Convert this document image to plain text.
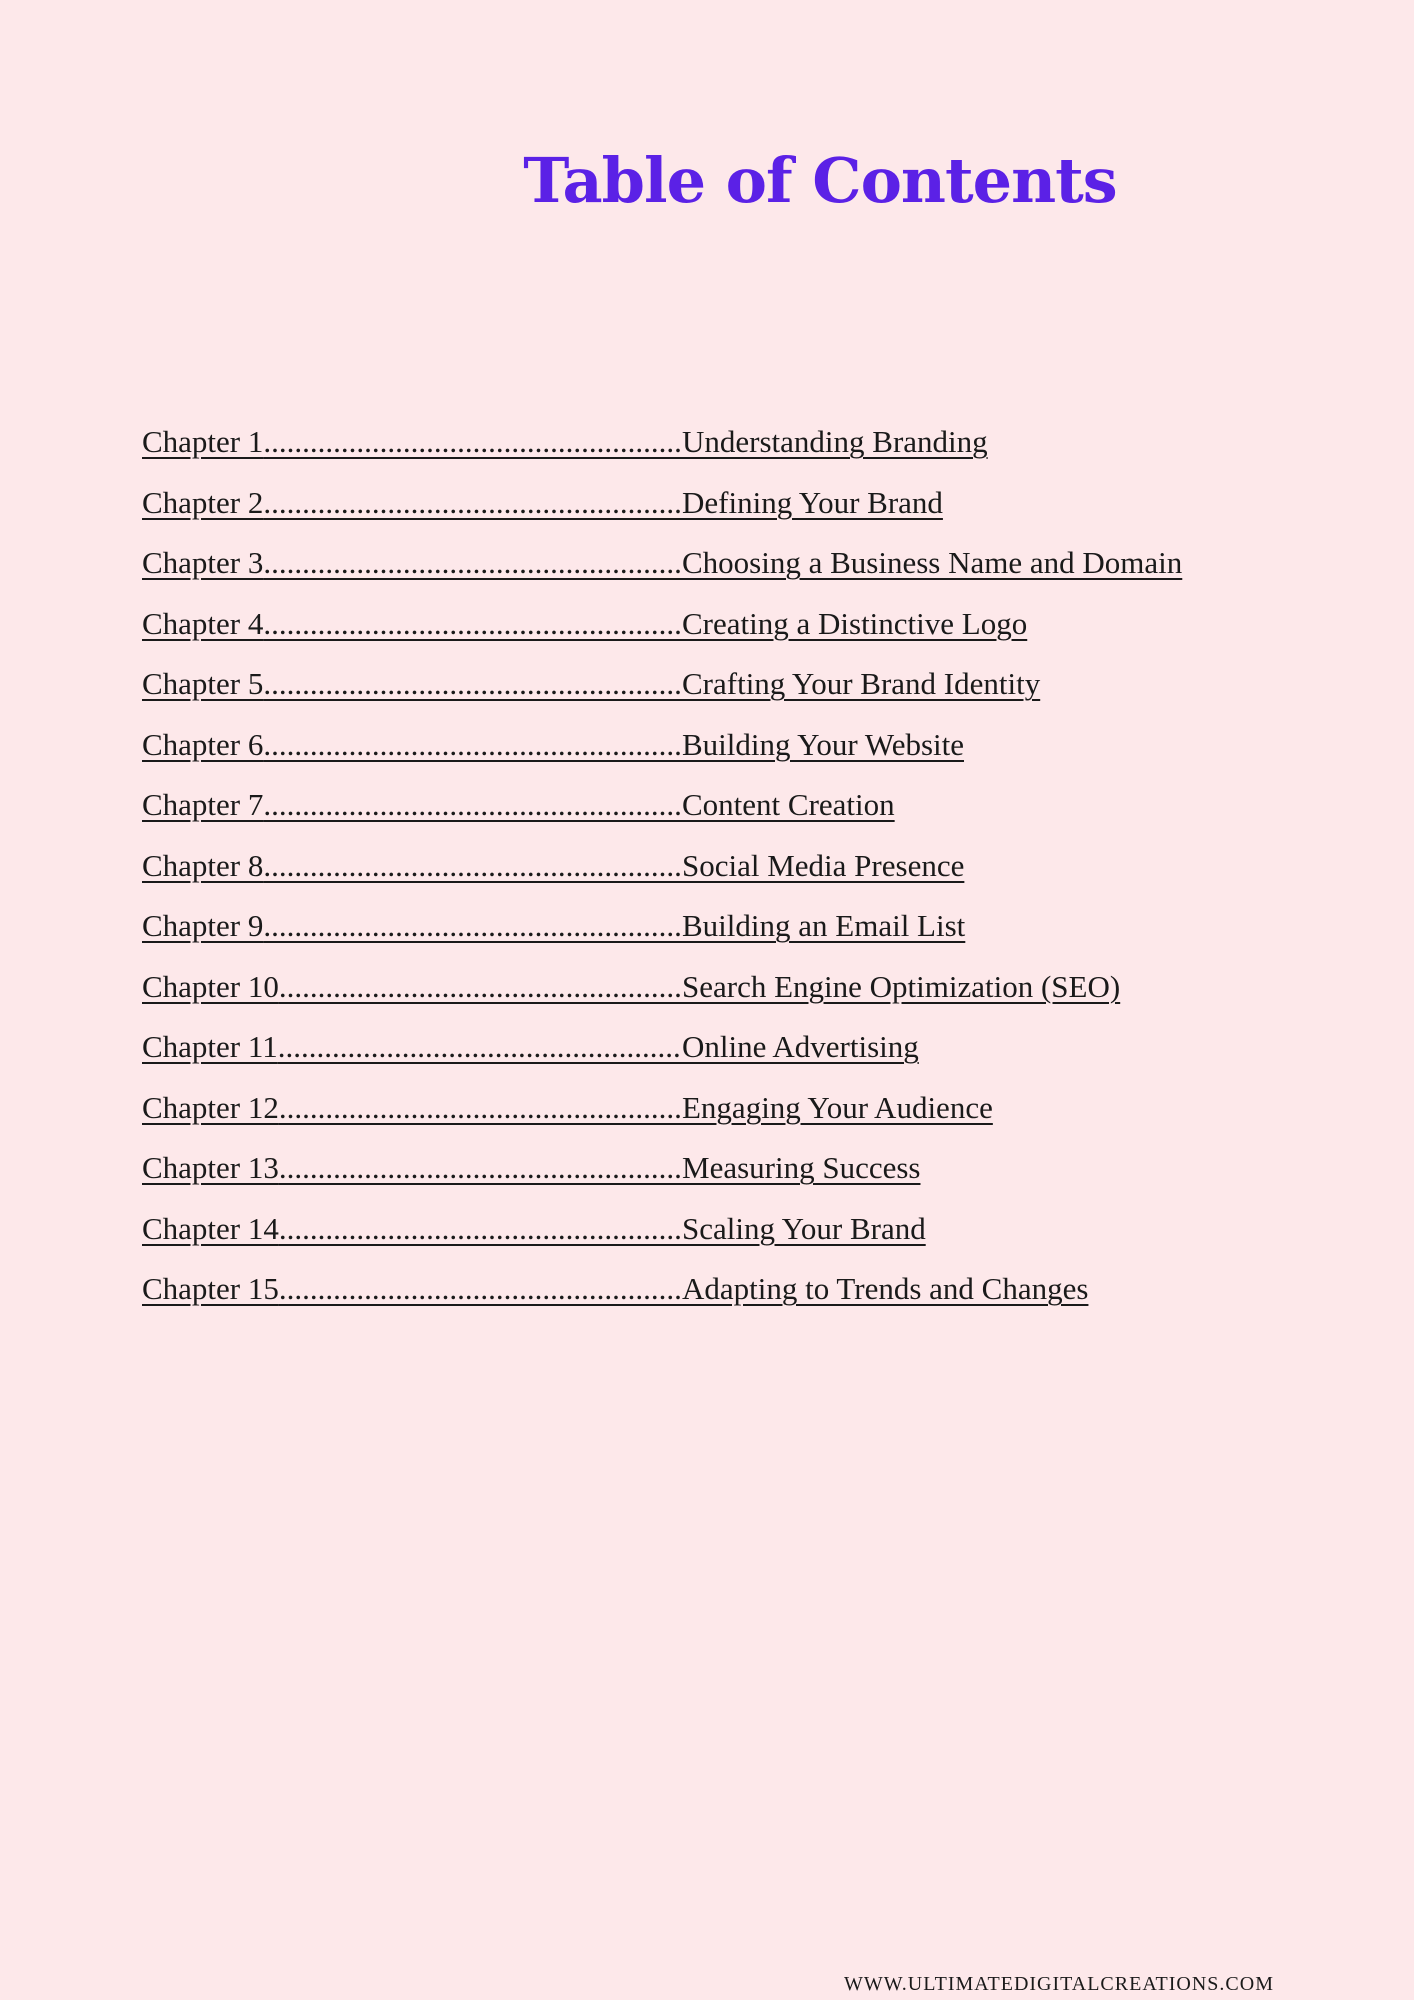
Table of Contents
Chapter 1 .....	Understanding Branding
Chapter 2 .....	Defining Your Brand
Chapter 3 .....	Choosing a Business Name and Domain
Chapter 4 .....	Creating a Distinctive Logo
Chapter 5 .....	Crafting Your Brand Identity
Chapter 6 .....	Building Your Website
Chapter 7 .....	Content Creation
Chapter 8 .....	Social Media Presence
Chapter 9 .....	Building an Email List
Chapter 10 .....	Search Engine Optimization (SEO)
Chapter 11 .....	Online Advertising
Chapter 12 .....	Engaging Your Audience
Chapter 13 .....	Measuring Success
Chapter 14 .....	Scaling Your Brand
Chapter 15 .....	Adapting to Trends and Changes
WWW.ULTIMATEDIGITALCREATIONS.COM
